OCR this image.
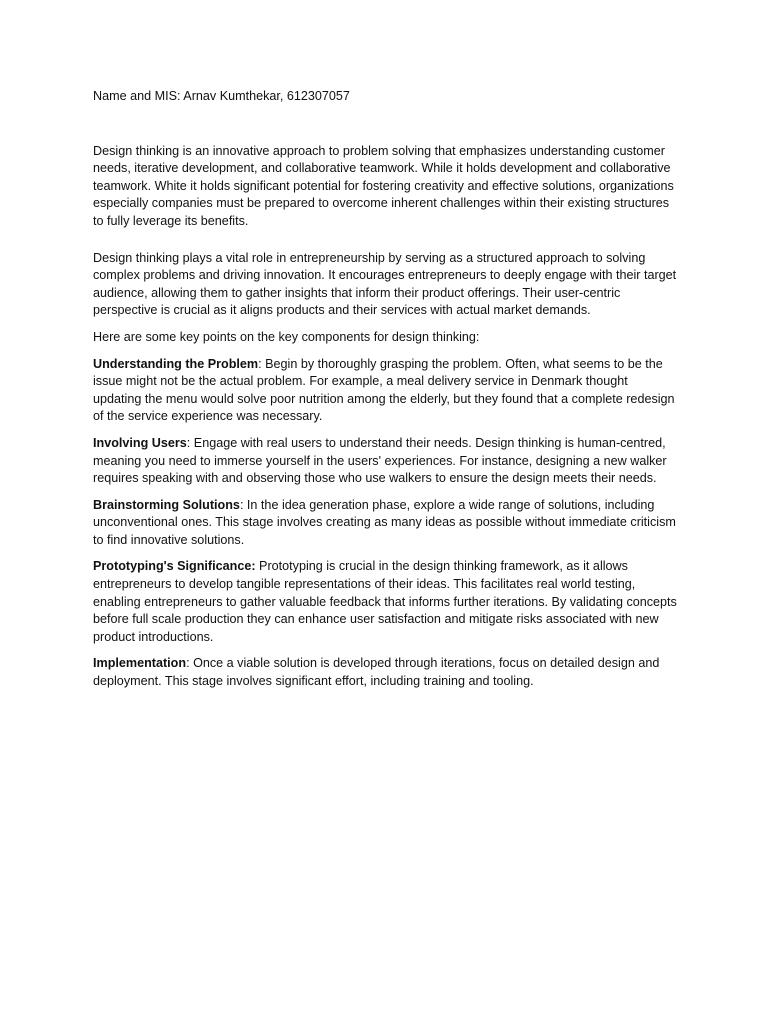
Name and MIS: Arnav Kumthekar, 612307057

Design thinking is an innovative approach to problem solving that emphasizes understanding customer needs, iterative development, and collaborative teamwork. While it holds development and collaborative teamwork. White it holds significant potential for fostering creativity and effective solutions, organizations especially companies must be prepared to overcome inherent challenges within their existing structures to fully leverage its benefits.

Design thinking plays a vital role in entrepreneurship by serving as a structured approach to solving complex problems and driving innovation. It encourages entrepreneurs to deeply engage with their target audience, allowing them to gather insights that inform their product offerings. Their user-centric perspective is crucial as it aligns products and their services with actual market demands.

Here are some key points on the key components for design thinking:

Understanding the Problem: Begin by thoroughly grasping the problem. Often, what seems to be the issue might not be the actual problem. For example, a meal delivery service in Denmark thought updating the menu would solve poor nutrition among the elderly, but they found that a complete redesign of the service experience was necessary.

Involving Users: Engage with real users to understand their needs. Design thinking is human-centred, meaning you need to immerse yourself in the users' experiences. For instance, designing a new walker requires speaking with and observing those who use walkers to ensure the design meets their needs.

Brainstorming Solutions: In the idea generation phase, explore a wide range of solutions, including unconventional ones. This stage involves creating as many ideas as possible without immediate criticism to find innovative solutions.

Prototyping's Significance: Prototyping is crucial in the design thinking framework, as it allows entrepreneurs to develop tangible representations of their ideas. This facilitates real world testing, enabling entrepreneurs to gather valuable feedback that informs further iterations. By validating concepts before full scale production they can enhance user satisfaction and mitigate risks associated with new product introductions.

Implementation: Once a viable solution is developed through iterations, focus on detailed design and deployment. This stage involves significant effort, including training and tooling.
